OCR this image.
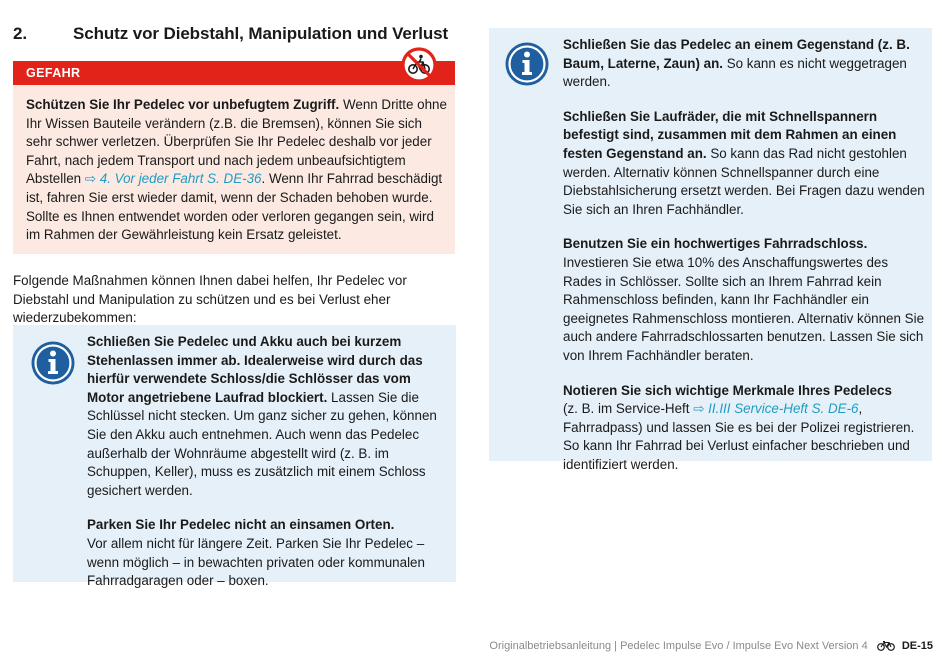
2.	Schutz vor Diebstahl, Manipulation und Verlust
GEFAHR
Schützen Sie Ihr Pedelec vor unbefugtem Zugriff. Wenn Dritte ohne Ihr Wissen Bauteile verändern (z.B. die Bremsen), können Sie sich sehr schwer verletzen. Überprüfen Sie Ihr Pedelec deshalb vor jeder Fahrt, nach jedem Transport und nach jedem unbeaufsichtigtem Abstellen ⇨ 4. Vor jeder Fahrt S. DE-36. Wenn Ihr Fahrrad beschädigt ist, fahren Sie erst wieder damit, wenn der Schaden behoben wurde. Sollte es Ihnen entwendet worden oder verloren gegangen sein, wird im Rahmen der Gewährleistung kein Ersatz geleistet.
Folgende Maßnahmen können Ihnen dabei helfen, Ihr Pedelec vor Diebstahl und Manipulation zu schützen und es bei Verlust eher wiederzubekommen:

Schließen Sie Pedelec und Akku auch bei kurzem Stehenlassen immer ab. Idealerweise wird durch das hierfür verwendete Schloss/die Schlösser das vom Motor angetriebene Laufrad blockiert. Lassen Sie die Schlüssel nicht stecken. Um ganz sicher zu gehen, können Sie den Akku auch entnehmen. Auch wenn das Pedelec außerhalb der Wohnräume abgestellt wird (z. B. im Schuppen, Keller), muss es zusätzlich mit einem Schloss gesichert werden.

Parken Sie Ihr Pedelec nicht an einsamen Orten.
Vor allem nicht für längere Zeit. Parken Sie Ihr Pedelec – wenn möglich – in bewachten privaten oder kommunalen Fahrradgaragen oder – boxen.

Schließen Sie das Pedelec an einem Gegenstand (z. B. Baum, Laterne, Zaun) an. So kann es nicht weggetragen werden.

Schließen Sie Laufräder, die mit Schnellspannern befestigt sind, zusammen mit dem Rahmen an einen festen Gegenstand an. So kann das Rad nicht gestohlen werden. Alternativ können Schnellspanner durch eine Diebstahlsicherung ersetzt werden. Bei Fragen dazu wenden Sie sich an Ihren Fachhändler.

Benutzen Sie ein hochwertiges Fahrradschloss. Investieren Sie etwa 10% des Anschaffungswertes des Rades in Schlösser. Sollte sich an Ihrem Fahrrad kein Rahmenschloss befinden, kann Ihr Fachhändler ein geeignetes Rahmenschloss montieren. Alternativ können Sie auch andere Fahrradschlossarten benutzen. Lassen Sie sich von Ihrem Fachhändler beraten.

Notieren Sie sich wichtige Merkmale Ihres Pedelecs
(z. B. im Service-Heft ⇨ II.III Service-Heft S. DE-6, Fahrradpass) und lassen Sie es bei der Polizei registrieren. So kann Ihr Fahrrad bei Verlust einfacher beschrieben und identifiziert werden.

Originalbetriebsanleitung | Pedelec Impulse Evo / Impulse Evo Next Version 4	DE-15
